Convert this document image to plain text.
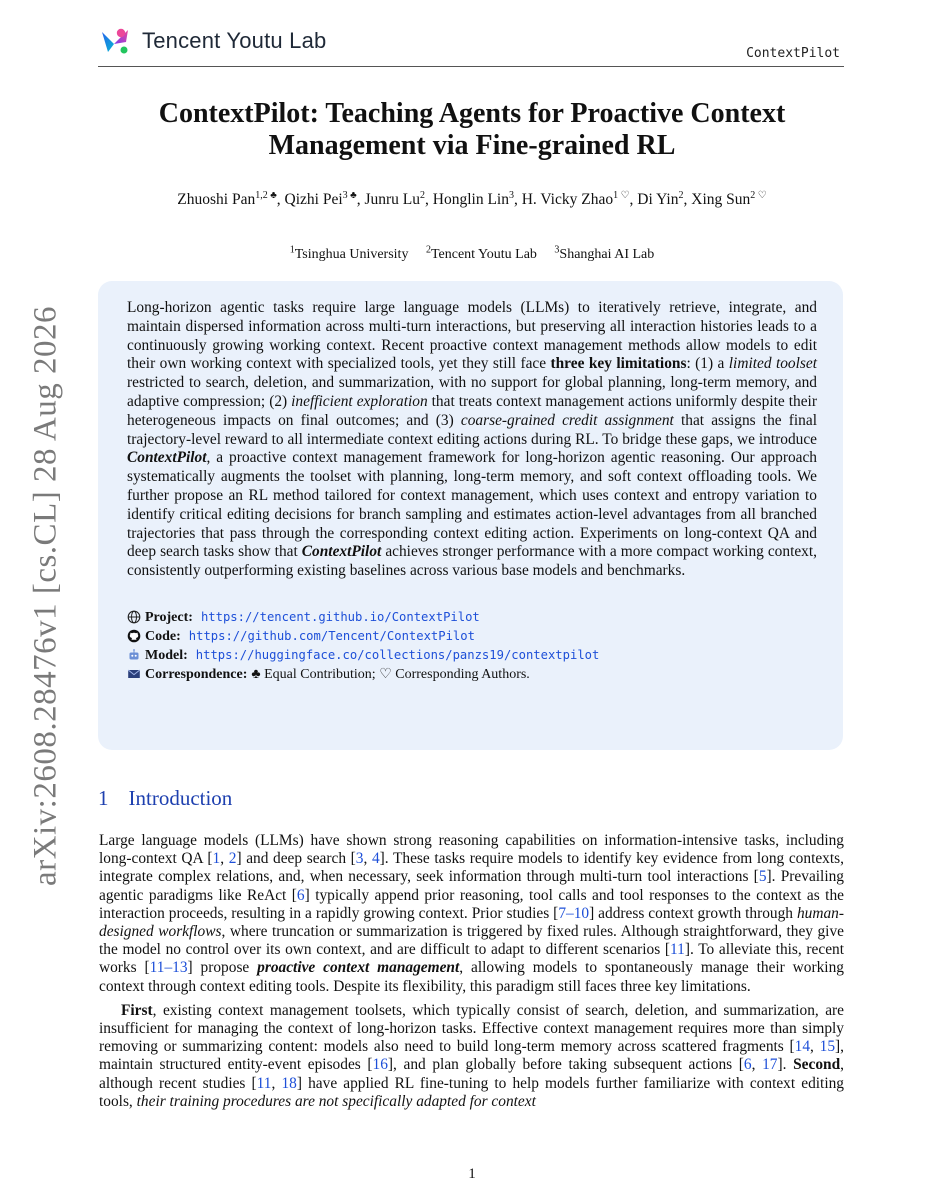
Tencent Youtu Lab
ContextPilot
arXiv:2608.28476v1 [cs.CL] 28 Aug 2026
ContextPilot: Teaching Agents for Proactive Context Management via Fine-grained RL
Zhuoshi Pan$^{1,2 ♣}$, Qizhi Pei$^{3 ♣}$, Junru Lu$^2$, Honglin Lin$^3$, H. Vicky Zhao$^{1 ♡}$, Di Yin$^2$, Xing Sun$^{2 ♡}$
$^1$Tsinghua University $^2$Tencent Youtu Lab $^3$Shanghai AI Lab

Long-horizon agentic tasks require large language models (LLMs) to iteratively retrieve, integrate, and maintain dispersed information across multi-turn interactions, but preserving all interaction histories leads to a continuously growing working context. Recent proactive context management methods allow models to edit their own working context with specialized tools, yet they still face three key limitations: (1) a limited toolset restricted to search, deletion, and summarization, with no support for global planning, long-term memory, and adaptive compression; (2) inefficient exploration that treats context management actions uniformly despite their heterogeneous impacts on final outcomes; and (3) coarse-grained credit assignment that assigns the final trajectory-level reward to all intermediate context editing actions during RL. To bridge these gaps, we introduce ContextPilot, a proactive context management framework for long-horizon agentic reasoning. Our approach systematically augments the toolset with planning, long-term memory, and soft context offloading tools. We further propose an RL method tailored for context management, which uses context and entropy variation to identify critical editing decisions for branch sampling and estimates action-level advantages from all branched trajectories that pass through the corresponding context editing action. Experiments on long-context QA and deep search tasks show that ContextPilot achieves stronger performance with a more compact working context, consistently outperforming existing baselines across various base models and benchmarks.

Project: https://tencent.github.io/ContextPilot
Code: https://github.com/Tencent/ContextPilot
Model: https://huggingface.co/collections/panzs19/contextpilot
Correspondence: ♣ Equal Contribution; ♡ Corresponding Authors.
1 Introduction

Large language models (LLMs) have shown strong reasoning capabilities on information-intensive tasks, including long-context QA [1, 2] and deep search [3, 4]. These tasks require models to identify key evidence from long contexts, integrate complex relations, and, when necessary, seek information through multi-turn tool interactions [5]. Prevailing agentic paradigms like ReAct [6] typically append prior reasoning, tool calls and tool responses to the context as the interaction proceeds, resulting in a rapidly growing context. Prior studies [7–10] address context growth through human-designed workflows, where truncation or summarization is triggered by fixed rules. Although straightforward, they give the model no control over its own context, and are difficult to adapt to different scenarios [11]. To alleviate this, recent works [11–13] propose proactive context management, allowing models to spontaneously manage their working context through context editing tools. Despite its flexibility, this paradigm still faces three key limitations.

First, existing context management toolsets, which typically consist of search, deletion, and summarization, are insufficient for managing the context of long-horizon tasks. Effective context management requires more than simply removing or summarizing content: models also need to build long-term memory across scattered fragments [14, 15], maintain structured entity-event episodes [16], and plan globally before taking subsequent actions [6, 17]. Second, although recent studies [11, 18] have applied RL fine-tuning to help models further familiarize with context editing tools, their training procedures are not specifically adapted for context

1
